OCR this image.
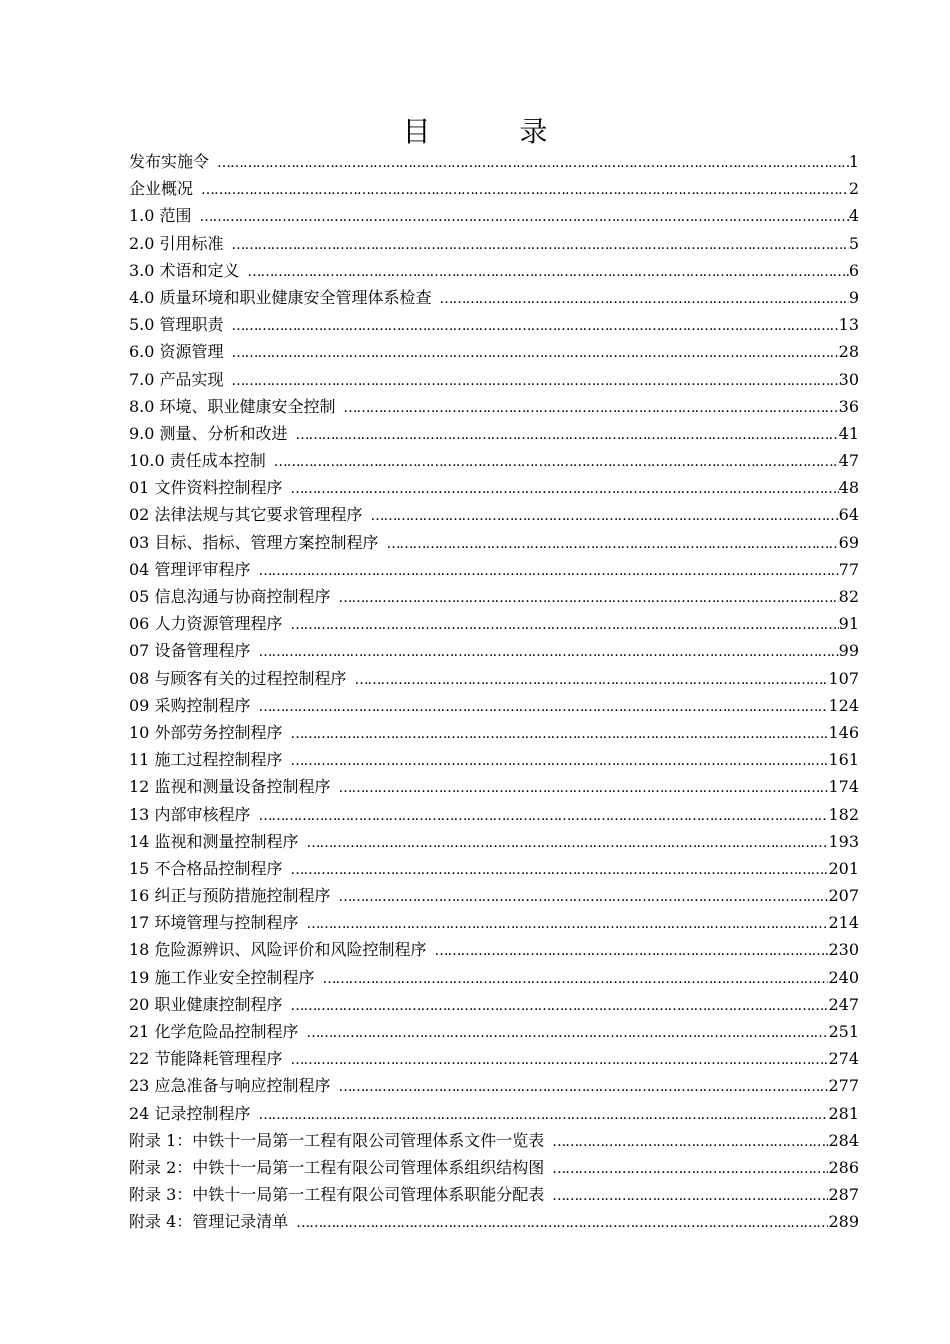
目 录
发布实施令 ……………………………………………………………………………………………………………………………………………………………………………………………………………	1
企业概况 ……………………………………………………………………………………………………………………………………………………………………………………………………………	2
1.0 范围 ……………………………………………………………………………………………………………………………………………………………………………………………………………	4
2.0 引用标准 ……………………………………………………………………………………………………………………………………………………………………………………………………………	5
3.0 术语和定义 ……………………………………………………………………………………………………………………………………………………………………………………………………………	6
4.0 质量环境和职业健康安全管理体系检查 ……………………………………………………………………………………………………………………………………………………………………………………………………………	9
5.0 管理职责 ……………………………………………………………………………………………………………………………………………………………………………………………………………	13
6.0 资源管理 ……………………………………………………………………………………………………………………………………………………………………………………………………………	28
7.0 产品实现 ……………………………………………………………………………………………………………………………………………………………………………………………………………	30
8.0 环境、职业健康安全控制 ……………………………………………………………………………………………………………………………………………………………………………………………………………	36
9.0 测量、分析和改进 ……………………………………………………………………………………………………………………………………………………………………………………………………………	41
10.0 责任成本控制 ……………………………………………………………………………………………………………………………………………………………………………………………………………	47
01 文件资料控制程序 ……………………………………………………………………………………………………………………………………………………………………………………………………………	48
02 法律法规与其它要求管理程序 ……………………………………………………………………………………………………………………………………………………………………………………………………………	64
03 目标、指标、管理方案控制程序 ……………………………………………………………………………………………………………………………………………………………………………………………………………	69
04 管理评审程序 ……………………………………………………………………………………………………………………………………………………………………………………………………………	77
05 信息沟通与协商控制程序 ……………………………………………………………………………………………………………………………………………………………………………………………………………	82
06 人力资源管理程序 ……………………………………………………………………………………………………………………………………………………………………………………………………………	91
07 设备管理程序 ……………………………………………………………………………………………………………………………………………………………………………………………………………	99
08 与顾客有关的过程控制程序 ……………………………………………………………………………………………………………………………………………………………………………………………………………	107
09 采购控制程序 ……………………………………………………………………………………………………………………………………………………………………………………………………………	124
10 外部劳务控制程序 ……………………………………………………………………………………………………………………………………………………………………………………………………………	146
11 施工过程控制程序 ……………………………………………………………………………………………………………………………………………………………………………………………………………	161
12 监视和测量设备控制程序 ……………………………………………………………………………………………………………………………………………………………………………………………………………	174
13 内部审核程序 ……………………………………………………………………………………………………………………………………………………………………………………………………………	182
14 监视和测量控制程序 ……………………………………………………………………………………………………………………………………………………………………………………………………………	193
15 不合格品控制程序 ……………………………………………………………………………………………………………………………………………………………………………………………………………	201
16 纠正与预防措施控制程序 ……………………………………………………………………………………………………………………………………………………………………………………………………………	207
17 环境管理与控制程序 ……………………………………………………………………………………………………………………………………………………………………………………………………………	214
18 危险源辨识、风险评价和风险控制程序 ……………………………………………………………………………………………………………………………………………………………………………………………………………	230
19 施工作业安全控制程序 ……………………………………………………………………………………………………………………………………………………………………………………………………………	240
20 职业健康控制程序 ……………………………………………………………………………………………………………………………………………………………………………………………………………	247
21 化学危险品控制程序 ……………………………………………………………………………………………………………………………………………………………………………………………………………	251
22 节能降耗管理程序 ……………………………………………………………………………………………………………………………………………………………………………………………………………	274
23 应急准备与响应控制程序 ……………………………………………………………………………………………………………………………………………………………………………………………………………	277
24 记录控制程序 ……………………………………………………………………………………………………………………………………………………………………………………………………………	281
附录 1：中铁十一局第一工程有限公司管理体系文件一览表 ……………………………………………………………………………………………………………………………………………………………………………………………………………	284
附录 2：中铁十一局第一工程有限公司管理体系组织结构图 ……………………………………………………………………………………………………………………………………………………………………………………………………………	286
附录 3：中铁十一局第一工程有限公司管理体系职能分配表 ……………………………………………………………………………………………………………………………………………………………………………………………………………	287
附录 4：管理记录清单 ……………………………………………………………………………………………………………………………………………………………………………………………………………	289
